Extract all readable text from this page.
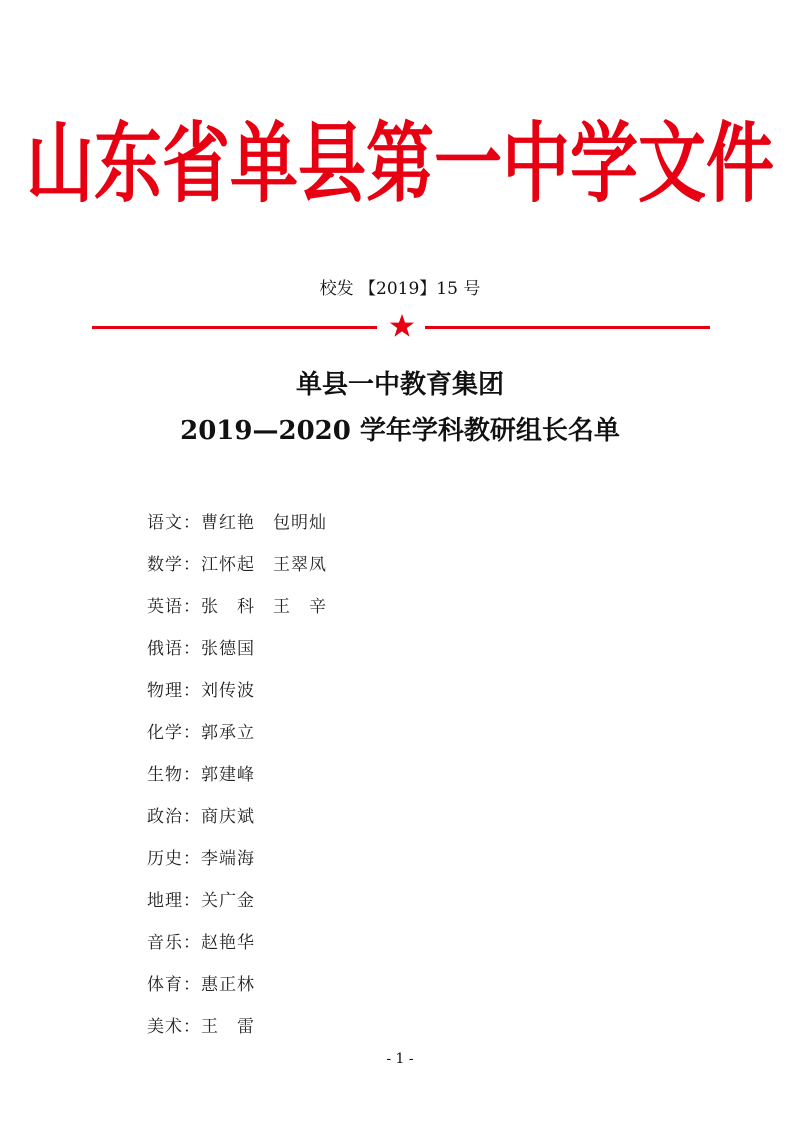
山东省单县第一中学文件
校发 【2019】15 号
单县一中教育集团
2019—2020 学年学科教研组长名单
语文：曹红艳　包明灿
数学：江怀起　王翠凤
英语：张　科　王　辛
俄语：张德国
物理：刘传波
化学：郭承立
生物：郭建峰
政治：商庆斌
历史：李端海
地理：关广金
音乐：赵艳华
体育：惠正林
美术：王　雷
- 1 -
